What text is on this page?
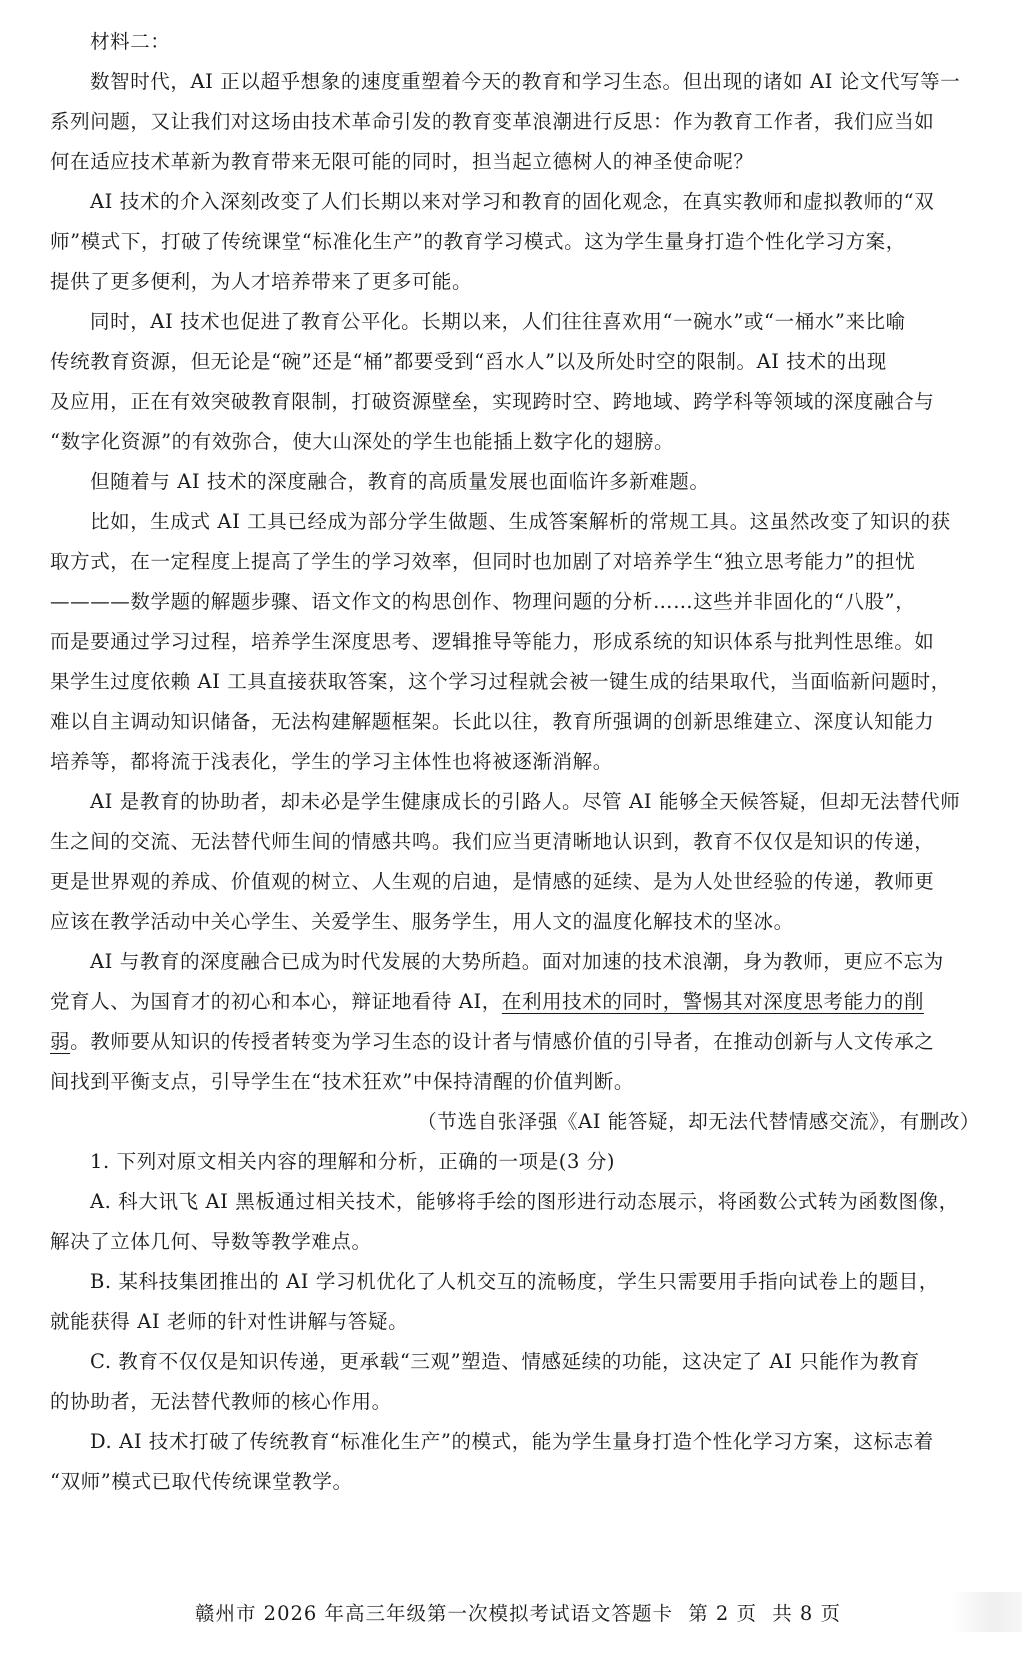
材料二：
数智时代，AI 正以超乎想象的速度重塑着今天的教育和学习生态。但出现的诸如 AI 论文代写等一
系列问题，又让我们对这场由技术革命引发的教育变革浪潮进行反思：作为教育工作者，我们应当如
何在适应技术革新为教育带来无限可能的同时，担当起立德树人的神圣使命呢？
AI 技术的介入深刻改变了人们长期以来对学习和教育的固化观念，在真实教师和虚拟教师的“双
师”模式下，打破了传统课堂“标准化生产”的教育学习模式。这为学生量身打造个性化学习方案，
提供了更多便利，为人才培养带来了更多可能。
同时，AI 技术也促进了教育公平化。长期以来，人们往往喜欢用“一碗水”或“一桶水”来比喻
传统教育资源，但无论是“碗”还是“桶”都要受到“舀水人”以及所处时空的限制。AI 技术的出现
及应用，正在有效突破教育限制，打破资源壁垒，实现跨时空、跨地域、跨学科等领域的深度融合与
“数字化资源”的有效弥合，使大山深处的学生也能插上数字化的翅膀。
但随着与 AI 技术的深度融合，教育的高质量发展也面临许多新难题。
比如，生成式 AI 工具已经成为部分学生做题、生成答案解析的常规工具。这虽然改变了知识的获
取方式，在一定程度上提高了学生的学习效率，但同时也加剧了对培养学生“独立思考能力”的担忧
————数学题的解题步骤、语文作文的构思创作、物理问题的分析……这些并非固化的“八股”，
而是要通过学习过程，培养学生深度思考、逻辑推导等能力，形成系统的知识体系与批判性思维。如
果学生过度依赖 AI 工具直接获取答案，这个学习过程就会被一键生成的结果取代，当面临新问题时，
难以自主调动知识储备，无法构建解题框架。长此以往，教育所强调的创新思维建立、深度认知能力
培养等，都将流于浅表化，学生的学习主体性也将被逐渐消解。
AI 是教育的协助者，却未必是学生健康成长的引路人。尽管 AI 能够全天候答疑，但却无法替代师
生之间的交流、无法替代师生间的情感共鸣。我们应当更清晰地认识到，教育不仅仅是知识的传递，
更是世界观的养成、价值观的树立、人生观的启迪，是情感的延续、是为人处世经验的传递，教师更
应该在教学活动中关心学生、关爱学生、服务学生，用人文的温度化解技术的坚冰。
AI 与教育的深度融合已成为时代发展的大势所趋。面对加速的技术浪潮，身为教师，更应不忘为
党育人、为国育才的初心和本心，辩证地看待 AI，在利用技术的同时，警惕其对深度思考能力的削
弱。教师要从知识的传授者转变为学习生态的设计者与情感价值的引导者，在推动创新与人文传承之
间找到平衡支点，引导学生在“技术狂欢”中保持清醒的价值判断。
（节选自张泽强《AI 能答疑，却无法代替情感交流》，有删改）
1. 下列对原文相关内容的理解和分析，正确的一项是(3 分)
A. 科大讯飞 AI 黑板通过相关技术，能够将手绘的图形进行动态展示，将函数公式转为函数图像，
解决了立体几何、导数等教学难点。
B. 某科技集团推出的 AI 学习机优化了人机交互的流畅度，学生只需要用手指向试卷上的题目，
就能获得 AI 老师的针对性讲解与答疑。
C. 教育不仅仅是知识传递，更承载“三观”塑造、情感延续的功能，这决定了 AI 只能作为教育
的协助者，无法替代教师的核心作用。
D. AI 技术打破了传统教育“标准化生产”的模式，能为学生量身打造个性化学习方案，这标志着
“双师”模式已取代传统课堂教学。
赣州市 2026 年高三年级第一次模拟考试语文答题卡 第 2 页 共 8 页
